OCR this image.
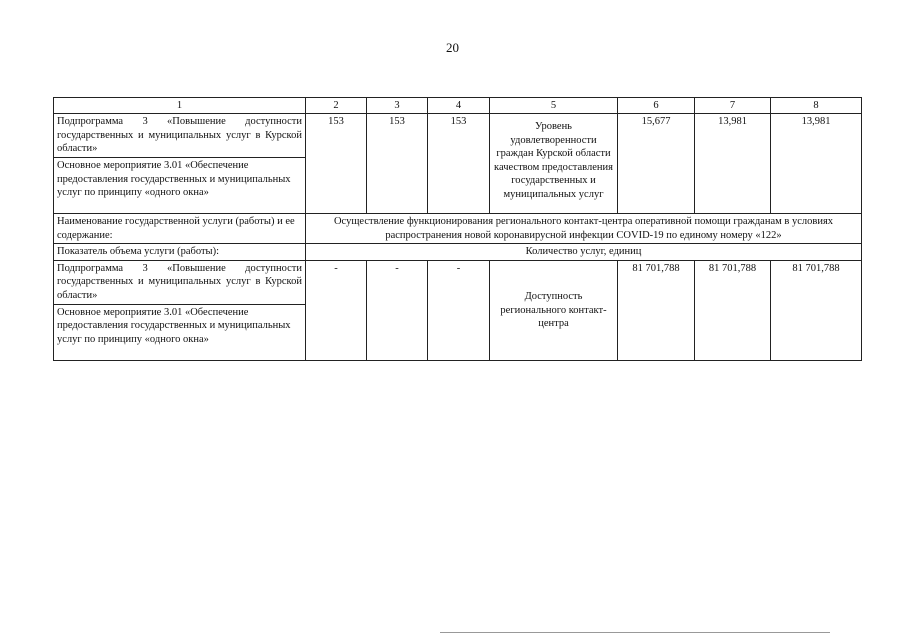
20
1	2	3	4	5	6	7	8
Подпрограмма 3 «Повышение доступности государственных и муниципальных услуг в Курской области»	153	153	153	Уровень удовлетворенности граждан Курской области качеством предоставления государственных и муниципальных услуг	15,677	13,981	13,981
Основное мероприятие 3.01 «Обеспечение предоставления государственных и муниципальных услуг по принципу «одного окна»							
Наименование государственной услуги (работы) и ее содержание:	Осуществление функционирования регионального контакт-центра оперативной помощи гражданам в условиях распространения новой коронавирусной инфекции COVID-19 по единому номеру «122»						
Показатель объема услуги (работы):	Количество услуг, единиц						
Подпрограмма 3 «Повышение доступности государственных и муниципальных услуг в Курской области»	-	-	-	Доступность регионального контакт-центра	81 701,788	81 701,788	81 701,788
Основное мероприятие 3.01 «Обеспечение предоставления государственных и муниципальных услуг по принципу «одного окна»							
